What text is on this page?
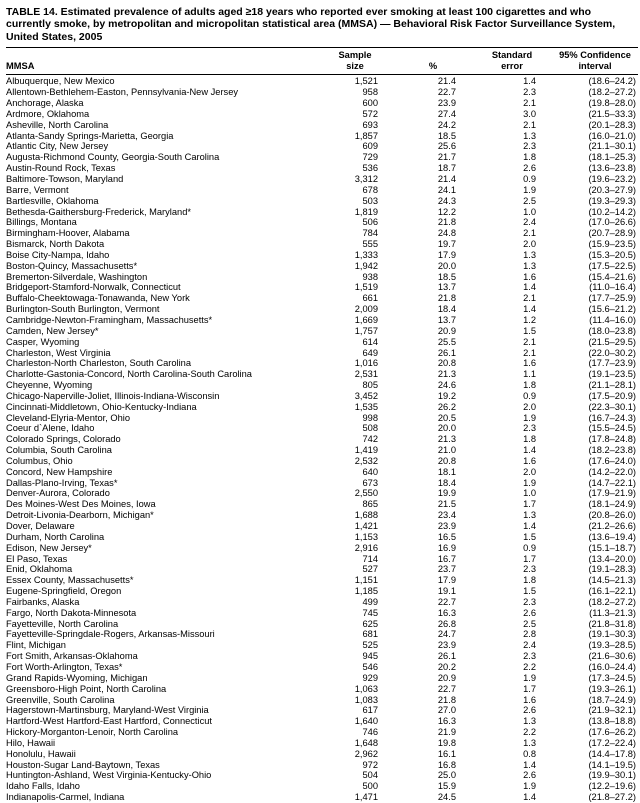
TABLE 14. Estimated prevalence of adults aged ≥18 years who reported ever smoking at least 100 cigarettes and who currently smoke, by metropolitan and micropolitan statistical area (MMSA) — Behavioral Risk Factor Surveillance System, United States, 2005
	Sample		Standard	95% Confidence
MMSA	size	%	error	interval
Albuquerque, New Mexico	1,521	21.4	1.4	(18.6–24.2)
Allentown-Bethlehem-Easton, Pennsylvania-New Jersey	958	22.7	2.3	(18.2–27.2)
Anchorage, Alaska	600	23.9	2.1	(19.8–28.0)
Ardmore, Oklahoma	572	27.4	3.0	(21.5–33.3)
Asheville, North Carolina	693	24.2	2.1	(20.1–28.3)
Atlanta-Sandy Springs-Marietta, Georgia	1,857	18.5	1.3	(16.0–21.0)
Atlantic City, New Jersey	609	25.6	2.3	(21.1–30.1)
Augusta-Richmond County, Georgia-South Carolina	729	21.7	1.8	(18.1–25.3)
Austin-Round Rock, Texas	536	18.7	2.6	(13.6–23.8)
Baltimore-Towson, Maryland	3,312	21.4	0.9	(19.6–23.2)
Barre, Vermont	678	24.1	1.9	(20.3–27.9)
Bartlesville, Oklahoma	503	24.3	2.5	(19.3–29.3)
Bethesda-Gaithersburg-Frederick, Maryland*	1,819	12.2	1.0	(10.2–14.2)
Billings, Montana	506	21.8	2.4	(17.0–26.6)
Birmingham-Hoover, Alabama	784	24.8	2.1	(20.7–28.9)
Bismarck, North Dakota	555	19.7	2.0	(15.9–23.5)
Boise City-Nampa, Idaho	1,333	17.9	1.3	(15.3–20.5)
Boston-Quincy, Massachusetts*	1,942	20.0	1.3	(17.5–22.5)
Bremerton-Silverdale, Washington	938	18.5	1.6	(15.4–21.6)
Bridgeport-Stamford-Norwalk, Connecticut	1,519	13.7	1.4	(11.0–16.4)
Buffalo-Cheektowaga-Tonawanda, New York	661	21.8	2.1	(17.7–25.9)
Burlington-South Burlington, Vermont	2,009	18.4	1.4	(15.6–21.2)
Cambridge-Newton-Framingham, Massachusetts*	1,669	13.7	1.2	(11.4–16.0)
Camden, New Jersey*	1,757	20.9	1.5	(18.0–23.8)
Casper, Wyoming	614	25.5	2.1	(21.5–29.5)
Charleston, West Virginia	649	26.1	2.1	(22.0–30.2)
Charleston-North Charleston, South Carolina	1,016	20.8	1.6	(17.7–23.9)
Charlotte-Gastonia-Concord, North Carolina-South Carolina	2,531	21.3	1.1	(19.1–23.5)
Cheyenne, Wyoming	805	24.6	1.8	(21.1–28.1)
Chicago-Naperville-Joliet, Illinois-Indiana-Wisconsin	3,452	19.2	0.9	(17.5–20.9)
Cincinnati-Middletown, Ohio-Kentucky-Indiana	1,535	26.2	2.0	(22.3–30.1)
Cleveland-Elyria-Mentor, Ohio	998	20.5	1.9	(16.7–24.3)
Coeur d`Alene, Idaho	508	20.0	2.3	(15.5–24.5)
Colorado Springs, Colorado	742	21.3	1.8	(17.8–24.8)
Columbia, South Carolina	1,419	21.0	1.4	(18.2–23.8)
Columbus, Ohio	2,532	20.8	1.6	(17.6–24.0)
Concord, New Hampshire	640	18.1	2.0	(14.2–22.0)
Dallas-Plano-Irving, Texas*	673	18.4	1.9	(14.7–22.1)
Denver-Aurora, Colorado	2,550	19.9	1.0	(17.9–21.9)
Des Moines-West Des Moines, Iowa	865	21.5	1.7	(18.1–24.9)
Detroit-Livonia-Dearborn, Michigan*	1,688	23.4	1.3	(20.8–26.0)
Dover, Delaware	1,421	23.9	1.4	(21.2–26.6)
Durham, North Carolina	1,153	16.5	1.5	(13.6–19.4)
Edison, New Jersey*	2,916	16.9	0.9	(15.1–18.7)
El Paso, Texas	714	16.7	1.7	(13.4–20.0)
Enid, Oklahoma	527	23.7	2.3	(19.1–28.3)
Essex County, Massachusetts*	1,151	17.9	1.8	(14.5–21.3)
Eugene-Springfield, Oregon	1,185	19.1	1.5	(16.1–22.1)
Fairbanks, Alaska	499	22.7	2.3	(18.2–27.2)
Fargo, North Dakota-Minnesota	745	16.3	2.6	(11.3–21.3)
Fayetteville, North Carolina	625	26.8	2.5	(21.8–31.8)
Fayetteville-Springdale-Rogers, Arkansas-Missouri	681	24.7	2.8	(19.1–30.3)
Flint, Michigan	525	23.9	2.4	(19.3–28.5)
Fort Smith, Arkansas-Oklahoma	945	26.1	2.3	(21.6–30.6)
Fort Worth-Arlington, Texas*	546	20.2	2.2	(16.0–24.4)
Grand Rapids-Wyoming, Michigan	929	20.9	1.9	(17.3–24.5)
Greensboro-High Point, North Carolina	1,063	22.7	1.7	(19.3–26.1)
Greenville, South Carolina	1,083	21.8	1.6	(18.7–24.9)
Hagerstown-Martinsburg, Maryland-West Virginia	617	27.0	2.6	(21.9–32.1)
Hartford-West Hartford-East Hartford, Connecticut	1,640	16.3	1.3	(13.8–18.8)
Hickory-Morganton-Lenoir, North Carolina	746	21.9	2.2	(17.6–26.2)
Hilo, Hawaii	1,648	19.8	1.3	(17.2–22.4)
Honolulu, Hawaii	2,962	16.1	0.8	(14.4–17.8)
Houston-Sugar Land-Baytown, Texas	972	16.8	1.4	(14.1–19.5)
Huntington-Ashland, West Virginia-Kentucky-Ohio	504	25.0	2.6	(19.9–30.1)
Idaho Falls, Idaho	500	15.9	1.9	(12.2–19.6)
Indianapolis-Carmel, Indiana	1,471	24.5	1.4	(21.8–27.2)
